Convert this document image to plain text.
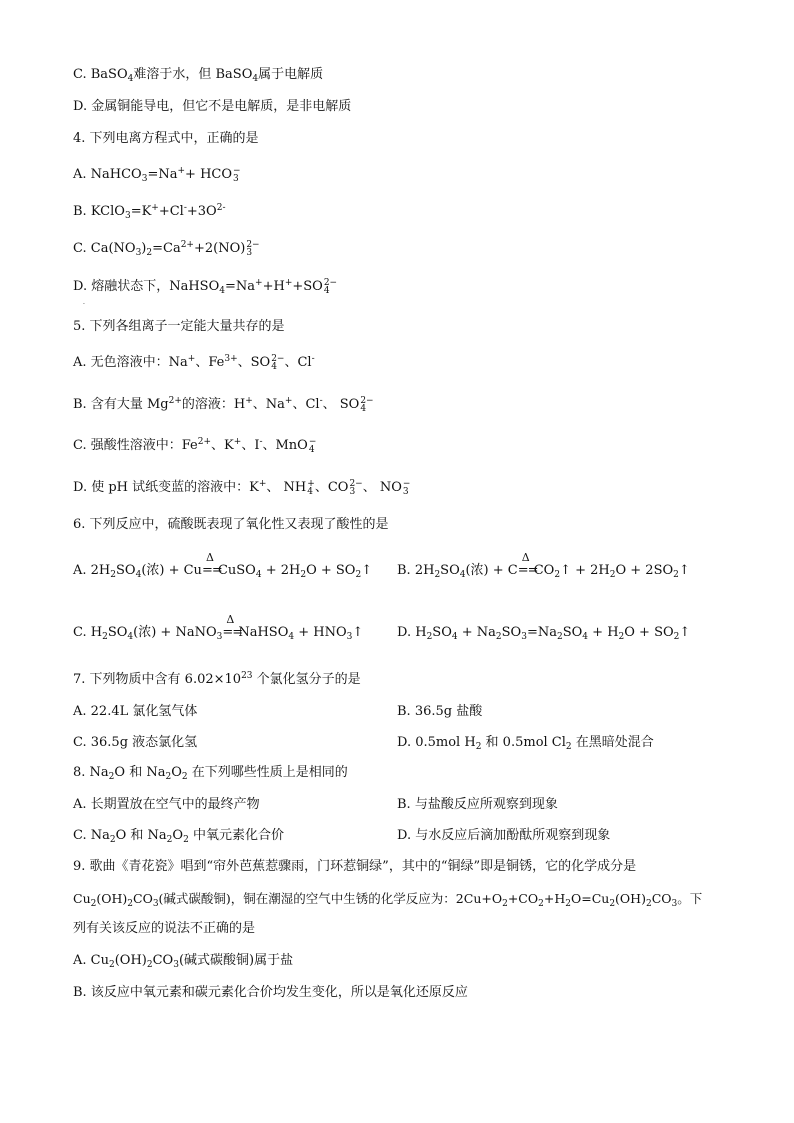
C. BaSO$_4$难溶于水，但 BaSO$_4$属于电解质
D. 金属铜能导电，但它不是电解质，是非电解质
4. 下列电离方程式中，正确的是
A. NaHCO$_3$=Na++ HCO −
3
B. $KClO_3=K^++Cl^-+3O^{2-}$
C. $Ca(NO_3)_2=Ca^{2+}+2(NO)$ 2−
3
D. 熔融状态下，NaHSO$_4$=Na++H++SO 2−
4
.
5. 下列各组离子一定能大量共存的是
A. 无色溶液中：Na+、$Fe^{3+}$、SO 2−
4 、Cl-
B. 含有大量 $Mg^{2+}$的溶液：H+、Na+、Cl-、 SO 2−
4
C. 强酸性溶液中：$Fe^{2+}$、K+、I-、MnO −
4
D. 使 pH 试纸变蓝的溶液中：K+、 NH +
4 、CO 2−
3 、 NO −
3
6. 下列反应中，硫酸既表现了氧化性又表现了酸性的是
A. $2H_2SO_4$(浓) + Cu
Δ
==CuSO$_4$ + $2H_2O$ + $SO_2↑$ B. $2H_2SO_4$(浓) + C
Δ
$==CO_2↑ + 2H_2O$ + $2SO_2↑$
C. $H_2SO_4$(浓) + NaNO$_3$
Δ
==NaHSO$_4$ + $HNO_3↑$	D. $H_2SO_4 + Na_2SO_3=Na_2SO_4 + H_2O$ + $SO_2↑$
7. 下列物质中含有 $6.02\times 10^{23}$ 个氯化氢分子的是
A. 22.4L 氯化氢气体	B. 36.5g 盐酸
C. 36.5g 液态氯化氢	D. 0.5mol $H_2$ 和 0.5mol $Cl_2$ 在黑暗处混合
8. $Na_2O$ 和 $Na_2O_2$ 在下列哪些性质上是相同的
A. 长期置放在空气中的最终产物	B. 与盐酸反应所观察到现象
C. $Na_2O$ 和 $Na_2O_2$ 中氧元素化合价	D. 与水反应后滴加酚酞所观察到现象
9. 歌曲《青花瓷》唱到“帘外芭蕉惹骤雨，门环惹铜绿”，其中的“铜绿”即是铜锈，它的化学成分是
$Cu_2(OH)_2CO_3$(碱式碳酸铜)，铜在潮湿的空气中生锈的化学反应为：$2Cu+O_2+CO_2+H_2O=Cu_2(OH)_2CO_3$。下
列有关该反应的说法不正确的是
A. $Cu_2(OH)_2CO_3$(碱式碳酸铜)属于盐
B. 该反应中氧元素和碳元素化合价均发生变化，所以是氧化还原反应
